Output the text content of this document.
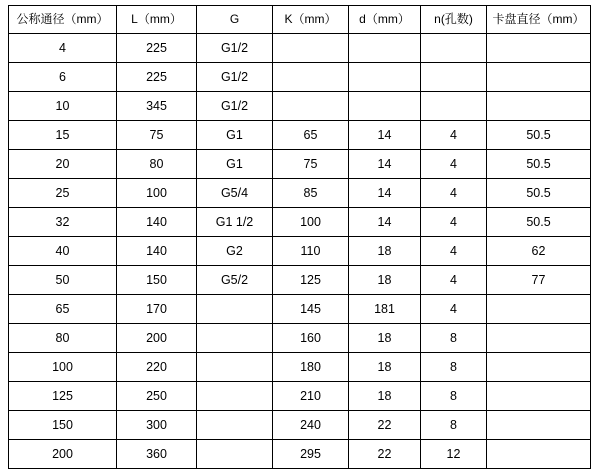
公称通径（mm）	L（mm）	G	K（mm）	d（mm）	n(孔数)	卡盘直径（mm）
4	225	G1/2				
6	225	G1/2				
10	345	G1/2				
15	75	G1	65	14	4	50.5
20	80	G1	75	14	4	50.5
25	100	G5/4	85	14	4	50.5
32	140	G1 1/2	100	14	4	50.5
40	140	G2	110	18	4	62
50	150	G5/2	125	18	4	77
65	170		145	181	4	
80	200		160	18	8	
100	220		180	18	8	
125	250		210	18	8	
150	300		240	22	8	
200	360		295	22	12	
